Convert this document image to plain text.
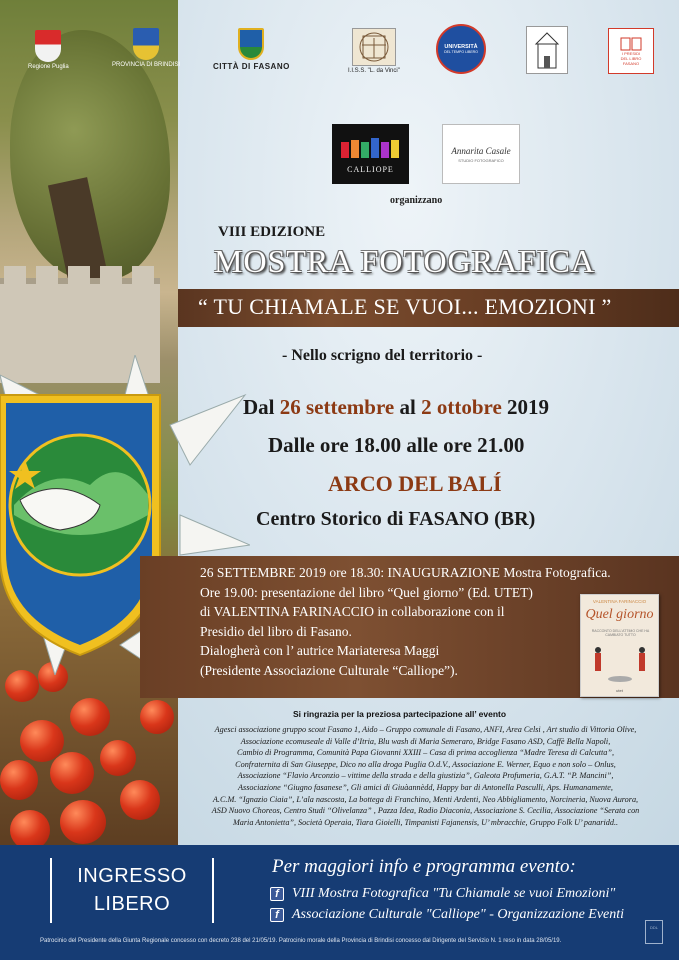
Regione Puglia	PROVINCIA DI BRINDISI	CITTÀ DI FASANO	I.I.S.S. "L. da Vinci"
UNIVERSITÀ
DEL TEMPO LIBERO	I PRESIDI
DEL LIBRO
FASANO
CALLIOPE
Annarita Casale
STUDIO FOTOGRAFICO
organizzano
VIII EDIZIONE
MOSTRA FOTOGRAFICA
“ TU CHIAMALE SE VUOI... EMOZIONI ”
- Nello scrigno del territorio -
Dal 26 settembre al 2 ottobre 2019
Dalle ore 18.00 alle ore 21.00
ARCO DEL BALÍ
Centro Storico di FASANO (BR)

26 SETTEMBRE 2019 ore 18.30: INAUGURAZIONE Mostra Fotografica.

Ore 19.00: presentazione del libro “Quel giorno” (Ed. UTET)

di VALENTINA FARINACCIO in collaborazione con il

Presidio del libro di Fasano.

Dialogherà con l’ autrice Mariateresa Maggi

(Presidente Associazione Culturale “Calliope”).

VALENTINA FARINACCIO
Quel giorno
RACCONTO DELL'ATTIMO CHE HA CAMBIATO TUTTO
utet
Si ringrazia per la preziosa partecipazione all’ evento

Agesci associazione gruppo scout Fasano 1, Aido – Gruppo comunale di Fasano, ANFI, Area Celsi , Art studio di Vittoria Olive,

Associazione ecomuseale di Valle d’Itria, Blu wash di Maria Semeraro, Bridge Fasano ASD, Caffè Bella Napoli,

Cambio di Programma, Comunità Papa Giovanni XXIII – Casa di prima accoglienza “Madre Teresa di Calcutta”,

Confraternita di San Giuseppe, Dico no alla droga Puglia O.d.V., Associazione E. Werner, Equo e non solo – Onlus,

Associazione “Flavio Arconzio – vittime della strada e della giustizia”, Galeota Profumeria, G.A.T. “P. Mancini”,

Associazione “Giugno fasanese”, Gli amici di Giuàannèdd, Happy bar di Antonella Pasculli, Aps. Humanamente,

A.C.M. “Ignazio Ciaia”, L’ala nascosta, La bottega di Franchino, Menti Ardenti, Neo Abbigliamento, Norcineria, Nuova Aurora,

ASD Nuovo Choreos, Centro Studi “Olivelanza” , Pazza Idea, Radio Diaconia, Associazione S. Cecilia, Associazione “Serata con

Maria Antonietta”, Società Operaia, Tiara Gioielli, Timpanisti Fajanensis, U’ mbracchie, Gruppo Folk U’ panaridd..

INGRESSO
LIBERO
Per maggiori info e programma evento:
f VIII Mostra Fotografica "Tu Chiamale se vuoi Emozioni"
f Associazione Culturale "Calliope" - Organizzazione Eventi
Patrocinio del Presidente della Giunta Regionale concesso con decreto 238 del 21/05/19. Patrocinio morale della Provincia di Brindisi concesso dal Dirigente del Servizio N. 1 reso in data 28/05/19.
DDL
